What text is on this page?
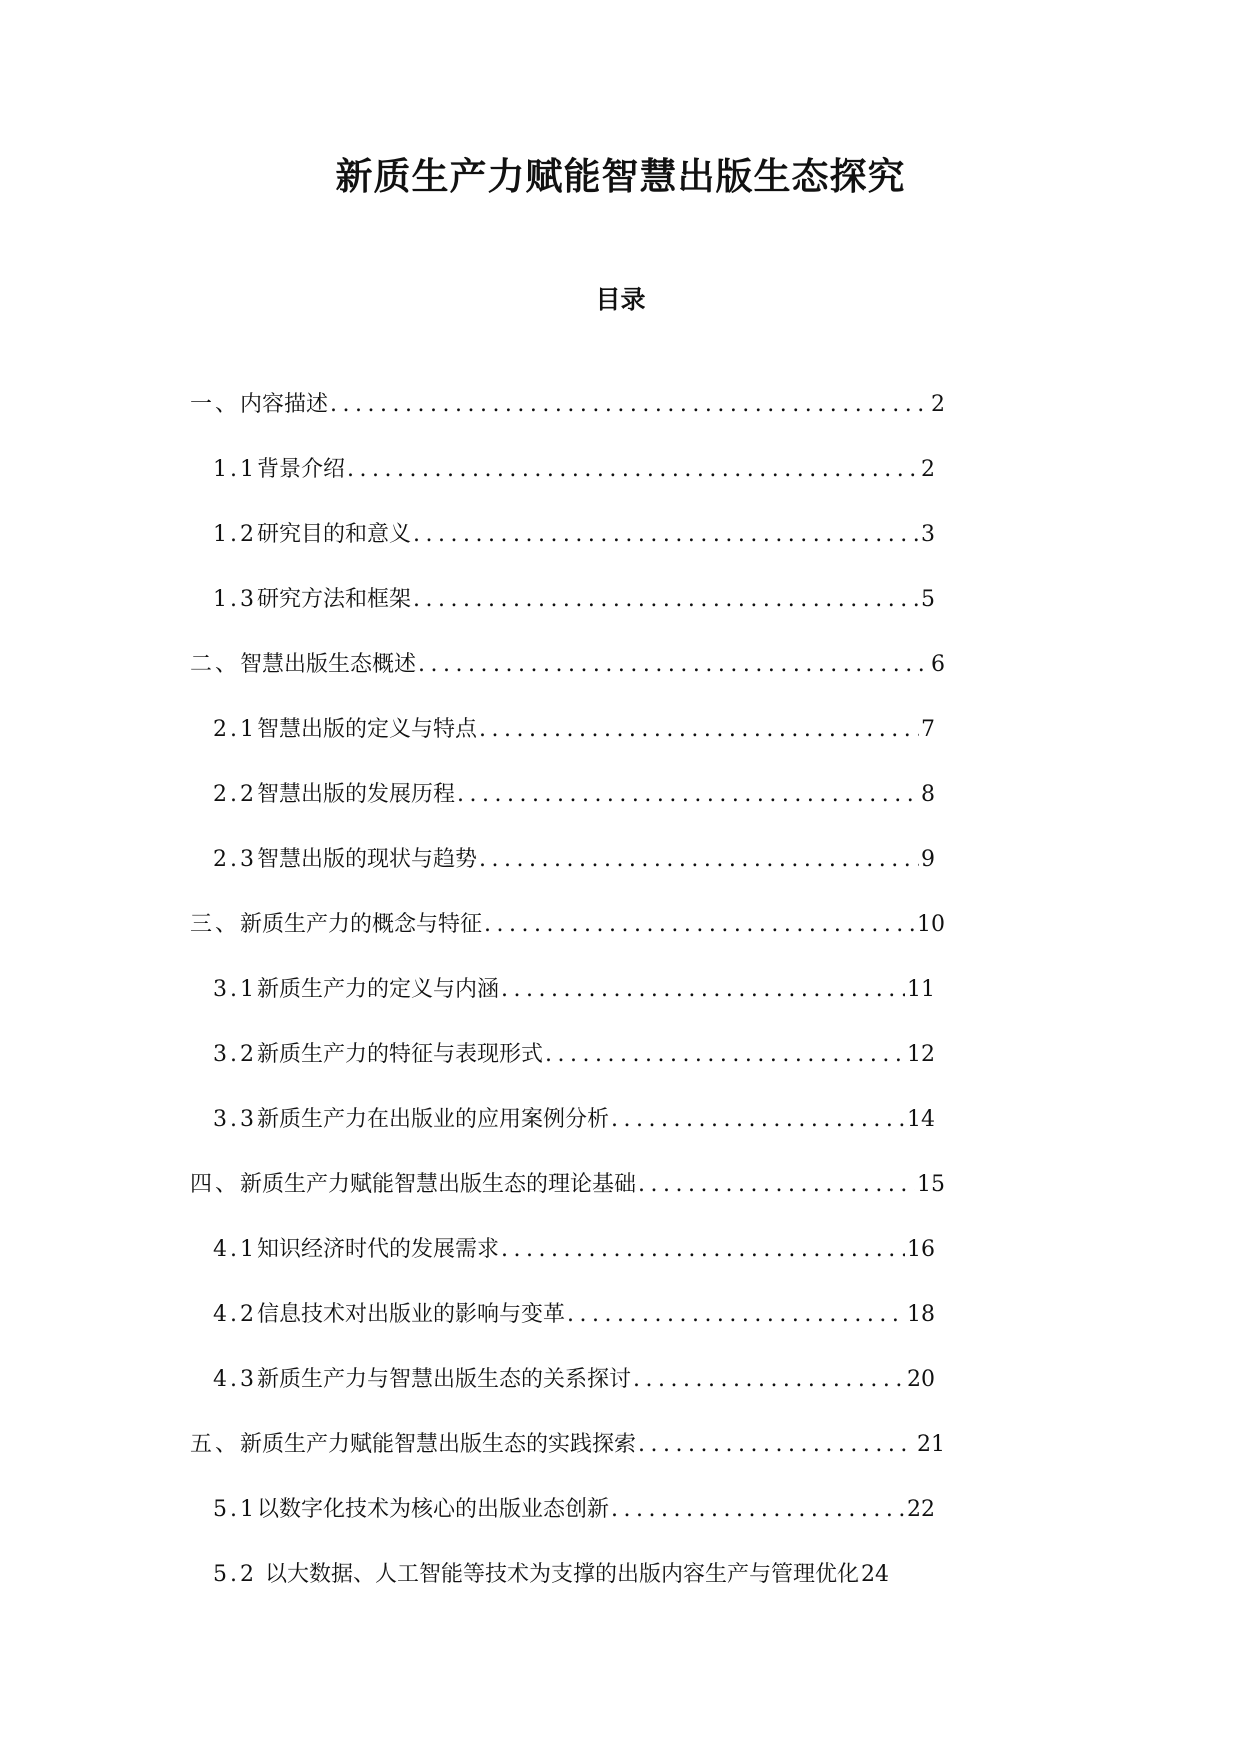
新质生产力赋能智慧出版生态探究
目录
一、 内容描述 .....	2
1.1 背景介绍 .....	2
1.2 研究目的和意义 .....	3
1.3 研究方法和框架 .....	5
二、 智慧出版生态概述 .....	6
2.1 智慧出版的定义与特点 .....	7
2.2 智慧出版的发展历程 .....	8
2.3 智慧出版的现状与趋势 .....	9
三、 新质生产力的概念与特征 .....	10
3.1 新质生产力的定义与内涵 .....	11
3.2 新质生产力的特征与表现形式 .....	12
3.3 新质生产力在出版业的应用案例分析 .....	14
四、 新质生产力赋能智慧出版生态的理论基础 .....	15
4.1 知识经济时代的发展需求 .....	16
4.2 信息技术对出版业的影响与变革 .....	18
4.3 新质生产力与智慧出版生态的关系探讨 .....	20
五、 新质生产力赋能智慧出版生态的实践探索 .....	21
5.1 以数字化技术为核心的出版业态创新 .....	22
5.2 以大数据、人工智能等技术为支撑的出版内容生产与管理优化 24
